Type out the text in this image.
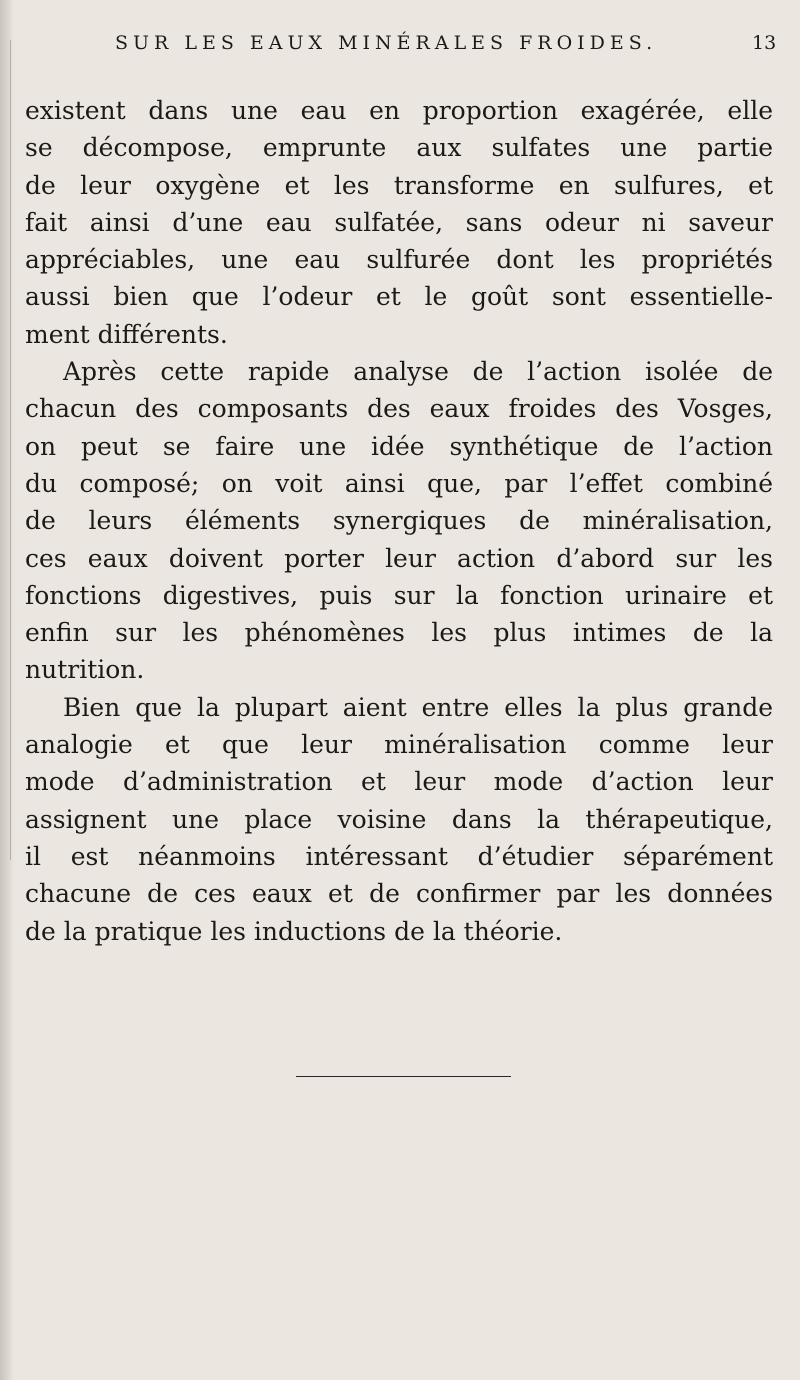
SUR LES EAUX MINÉRALES FROIDES.	13
existent dans une eau en proportion exagérée, elle
se décompose, emprunte aux sulfates une partie
de leur oxygène et les transforme en sulfures, et
fait ainsi d’une eau sulfatée, sans odeur ni saveur
appréciables, une eau sulfurée dont les propriétés
aussi bien que l’odeur et le goût sont essentielle-
ment différents.
Après cette rapide analyse de l’action isolée de
chacun des composants des eaux froides des Vosges,
on peut se faire une idée synthétique de l’action
du composé; on voit ainsi que, par l’effet combiné
de leurs éléments synergiques de minéralisation,
ces eaux doivent porter leur action d’abord sur les
fonctions digestives, puis sur la fonction urinaire et
enfin sur les phénomènes les plus intimes de la
nutrition.
Bien que la plupart aient entre elles la plus grande
analogie et que leur minéralisation comme leur
mode d’administration et leur mode d’action leur
assignent une place voisine dans la thérapeutique,
il est néanmoins intéressant d’étudier séparément
chacune de ces eaux et de confirmer par les données
de la pratique les inductions de la théorie.
